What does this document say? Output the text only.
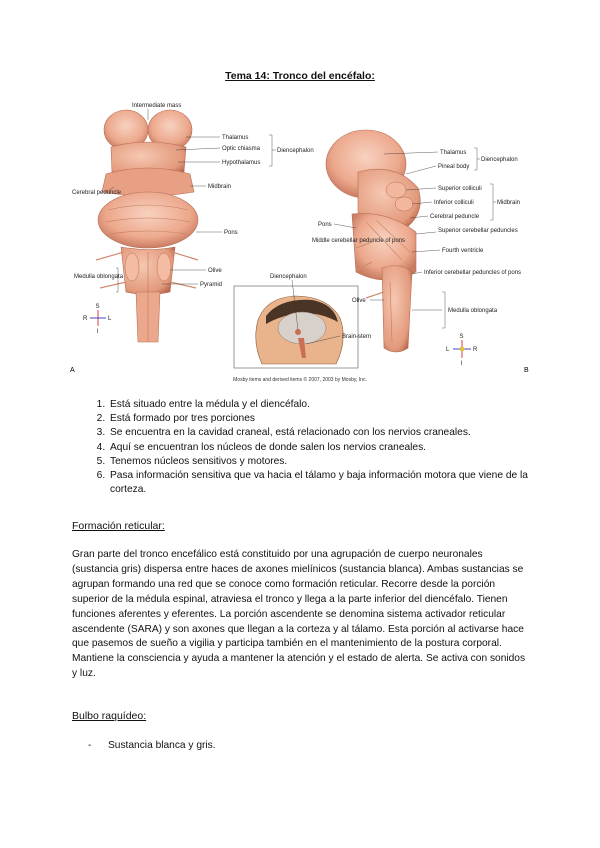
Tema 14: Tronco del encéfalo:
Intermediate mass
Thalamus
Optic chiasma
Hypothalamus
Diencephalon
Midbrain
Cerebral peduncle
Pons
Olive
Pyramid
Medulla oblongata
S
R	L
I
A
Diencephalon
Brain-stem
Thalamus
Pineal body
Diencephalon
Superior colliculi
Inferior colliculi
Cerebral peduncle
Midbrain
Pons
Superior cerebellar peduncles
Fourth ventricle
Middle cerebellar peduncle of pons
Inferior cerebellar peduncles of pons
Olive
Medulla oblongata
S
L	R
I
B
Mosby items and derived items © 2007, 2003 by Mosby, Inc.
1. Está situado entre la médula y el diencéfalo.
2. Está formado por tres porciones
3. Se encuentra en la cavidad craneal, está relacionado con los nervios craneales.
4. Aquí se encuentran los núcleos de donde salen los nervios craneales.
5. Tenemos núcleos sensitivos y motores.
6. Pasa información sensitiva que va hacia el tálamo y baja información motora que viene de la corteza.
Formación reticular:
Gran parte del tronco encefálico está constituido por una agrupación de cuerpo neuronales (sustancia gris) dispersa entre haces de axones mielínicos (sustancia blanca). Ambas sustancias se agrupan formando una red que se conoce como formación reticular. Recorre desde la porción superior de la médula espinal, atraviesa el tronco y llega a la parte inferior del diencéfalo. Tienen funciones aferentes y eferentes. La porción ascendente se denomina sistema activador reticular ascendente (SARA) y son axones que llegan a la corteza y al tálamo. Esta porción al activarse hace que pasemos de sueño a vigilia y participa también en el mantenimiento de la postura corporal. Mantiene la consciencia y ayuda a mantener la atención y el estado de alerta. Se activa con sonidos y luz.
Bulbo raquídeo:
- Sustancia blanca y gris.
